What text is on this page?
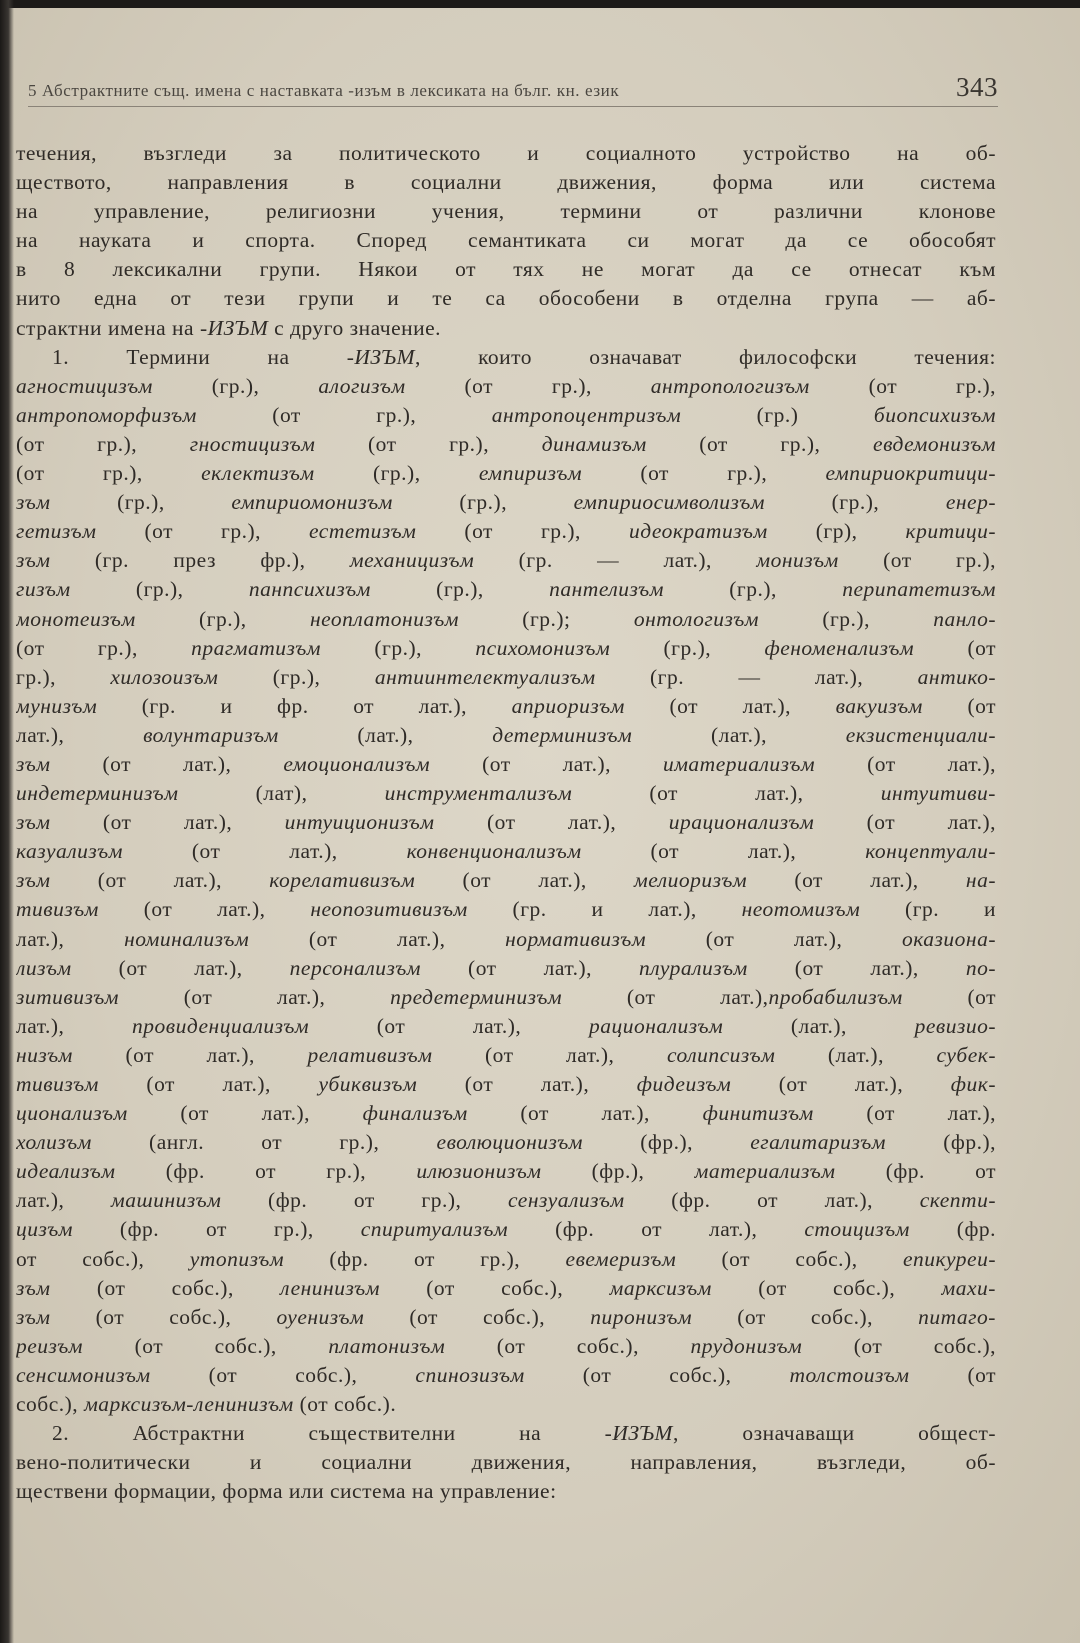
5 Абстрактните същ. имена с наставката -изъм в лексиката на бълг. кн. език	343
течения, възгледи за политическото и социалното устройство на об-
ществото, направления в социални движения, форма или система
на управление, религиозни учения, термини от различни клонове
на науката и спорта. Според семантиката си могат да се обособят
в 8 лексикални групи. Някои от тях не могат да се отнесат към
нито една от тези групи и те са обособени в отделна група — аб-
страктни имена на -ИЗЪМ с друго значение.
1. Термини на -ИЗЪМ, които означават философски течения:
агностицизъм (гр.), алогизъм (от гр.), антропологизъм (от гр.),
антропоморфизъм (от гр.), антропоцентризъм (гр.) биопсихизъм
(от гр.), гностицизъм (от гр.), динамизъм (от гр.), евдемонизъм
(от гр.), еклектизъм (гр.), емпиризъм (от гр.), емпириокритици-
зъм (гр.), емпириомонизъм (гр.), емпириосимволизъм (гр.), енер-
гетизъм (от гр.), естетизъм (от гр.), идеократизъм (гр), критици-
зъм (гр. през фр.), механицизъм (гр. — лат.), монизъм (от гр.),
гизъм (гр.), панпсихизъм (гр.), пантелизъм (гр.), перипатетизъм
монотеизъм (гр.), неоплатонизъм (гр.); онтологизъм (гр.), панло-
(от гр.), прагматизъм (гр.), психомонизъм (гр.), феноменализъм (от
гр.), хилозоизъм (гр.), антиинтелектуализъм (гр. — лат.), антико-
мунизъм (гр. и фр. от лат.), априоризъм (от лат.), вакуизъм (от
лат.), волунтаризъм (лат.), детерминизъм (лат.), екзистенциали-
зъм (от лат.), емоционализъм (от лат.), иматериализъм (от лат.),
индетерминизъм (лат), инструментализъм (от лат.), интуитиви-
зъм (от лат.), интуиционизъм (от лат.), ирационализъм (от лат.),
казуализъм (от лат.), конвенционализъм (от лат.), концептуали-
зъм (от лат.), корелативизъм (от лат.), мелиоризъм (от лат.), на-
тивизъм (от лат.), неопозитивизъм (гр. и лат.), неотомизъм (гр. и
лат.), номинализъм (от лат.), нормативизъм (от лат.), оказиона-
лизъм (от лат.), персонализъм (от лат.), плурализъм (от лат.), по-
зитивизъм (от лат.), предетерминизъм (от лат.),пробабилизъм (от
лат.), провиденциализъм (от лат.), рационализъм (лат.), ревизио-
низъм (от лат.), релативизъм (от лат.), солипсизъм (лат.), субек-
тивизъм (от лат.), убиквизъм (от лат.), фидеизъм (от лат.), фик-
ционализъм (от лат.), финализъм (от лат.), финитизъм (от лат.),
холизъм (англ. от гр.), еволюционизъм (фр.), егалитаризъм (фр.),
идеализъм (фр. от гр.), илюзионизъм (фр.), материализъм (фр. от
лат.), машинизъм (фр. от гр.), сензуализъм (фр. от лат.), скепти-
цизъм (фр. от гр.), спиритуализъм (фр. от лат.), стоицизъм (фр.
от собс.), утопизъм (фр. от гр.), евемеризъм (от собс.), епикуреи-
зъм (от собс.), ленинизъм (от собс.), марксизъм (от собс.), махи-
зъм (от собс.), оуенизъм (от собс.), пиронизъм (от собс.), питаго-
реизъм (от собс.), платонизъм (от собс.), прудонизъм (от собс.),
сенсимонизъм (от собс.), спинозизъм (от собс.), толстоизъм (от
собс.), марксизъм-ленинизъм (от собс.).
2. Абстрактни съществителни на -ИЗЪМ, означаващи общест-
вено-политически и социални движения, направления, възгледи, об-
ществени формации, форма или система на управление:
